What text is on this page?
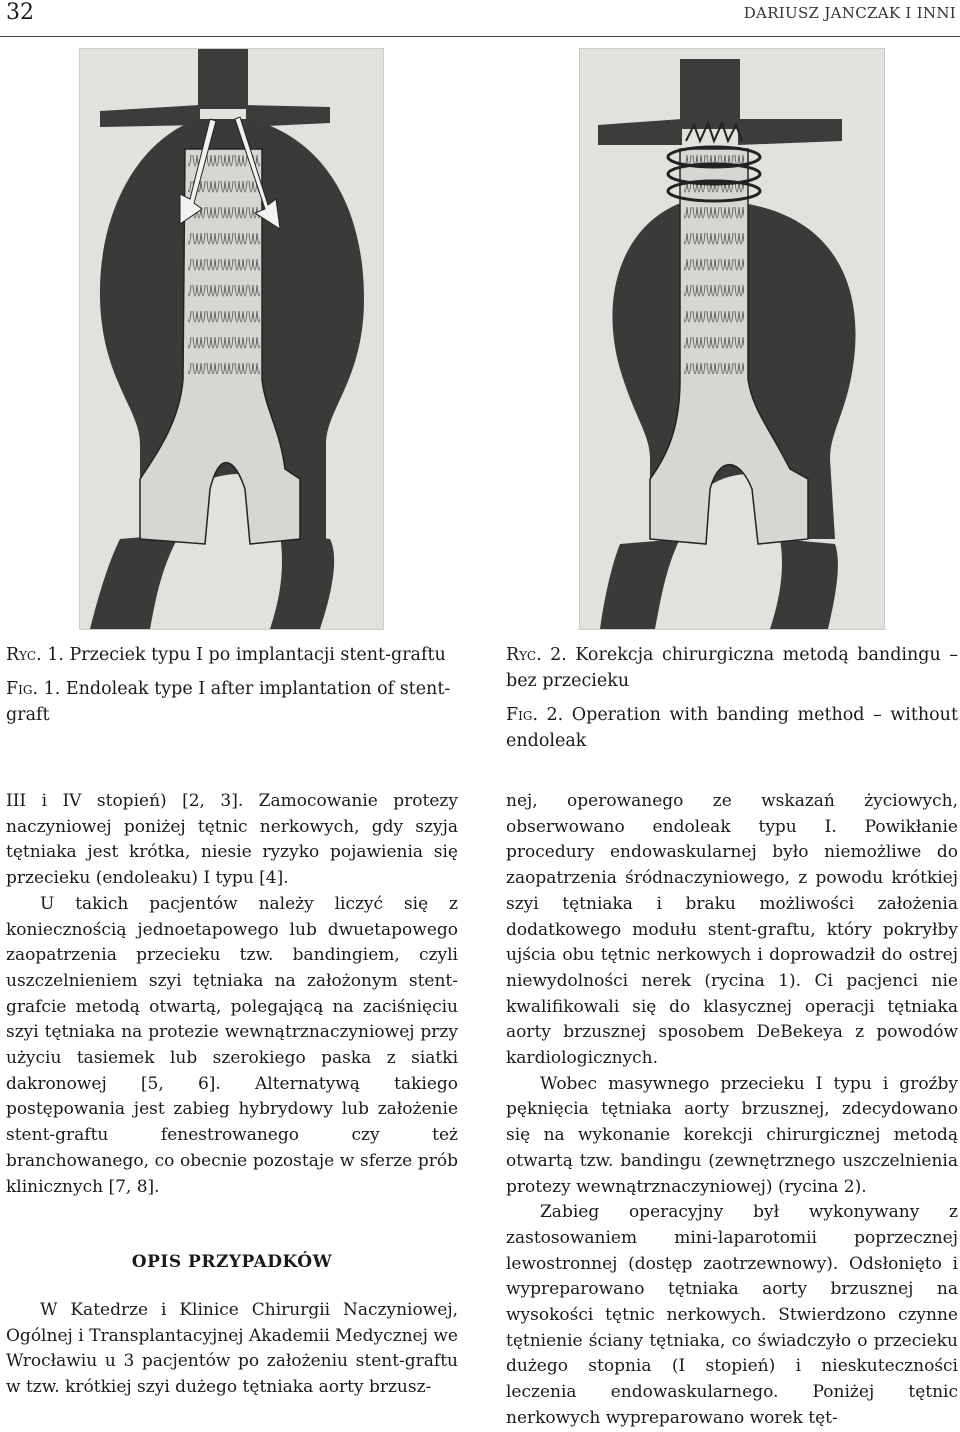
32	DARIUSZ JANCZAK I INNI
Ryc. 1. Przeciek typu I po implantacji stent-graftu
Fig. 1. Endoleak type I after implantation of stent-graft
Ryc. 2. Korekcja chirurgiczna metodą bandingu – bez przecieku
Fig. 2. Operation with banding method – without endoleak

III i IV stopień) [2, 3]. Zamocowanie protezy naczyniowej poniżej tętnic nerkowych, gdy szyja tętniaka jest krótka, niesie ryzyko pojawienia się przecieku (endoleaku) I typu [4].

U takich pacjentów należy liczyć się z koniecznością jednoetapowego lub dwuetapowego zaopatrzenia przecieku tzw. bandingiem, czyli uszczelnieniem szyi tętniaka na założonym stent-grafcie metodą otwartą, polegającą na zaciśnięciu szyi tętniaka na protezie wewnątrznaczyniowej przy użyciu tasiemek lub szerokiego paska z siatki dakronowej [5, 6]. Alternatywą takiego postępowania jest zabieg hybrydowy lub założenie stent-graftu fenestrowanego czy też branchowanego, co obecnie pozostaje w sferze prób klinicznych [7, 8].

OPIS PRZYPADKÓW

W Katedrze i Klinice Chirurgii Naczyniowej, Ogólnej i Transplantacyjnej Akademii Medycznej we Wrocławiu u 3 pacjentów po założeniu stent-graftu w tzw. krótkiej szyi dużego tętniaka aorty brzusz-

nej, operowanego ze wskazań życiowych, obserwowano endoleak typu I. Powikłanie procedury endowaskularnej było niemożliwe do zaopatrzenia śródnaczyniowego, z powodu krótkiej szyi tętniaka i braku możliwości założenia dodatkowego modułu stent-graftu, który pokryłby ujścia obu tętnic nerkowych i doprowadził do ostrej niewydolności nerek (rycina 1). Ci pacjenci nie kwalifikowali się do klasycznej operacji tętniaka aorty brzusznej sposobem DeBekeya z powodów kardiologicznych.

Wobec masywnego przecieku I typu i groźby pęknięcia tętniaka aorty brzusznej, zdecydowano się na wykonanie korekcji chirurgicznej metodą otwartą tzw. bandingu (zewnętrznego uszczelnienia protezy wewnątrznaczyniowej) (rycina 2).

Zabieg operacyjny był wykonywany z zastosowaniem mini-laparotomii poprzecznej lewostronnej (dostęp zaotrzewnowy). Odsłonięto i wypreparowano tętniaka aorty brzusznej na wysokości tętnic nerkowych. Stwierdzono czynne tętnienie ściany tętniaka, co świadczyło o przecieku dużego stopnia (I stopień) i nieskuteczności leczenia endowaskularnego. Poniżej tętnic nerkowych wypreparowano worek tęt-
